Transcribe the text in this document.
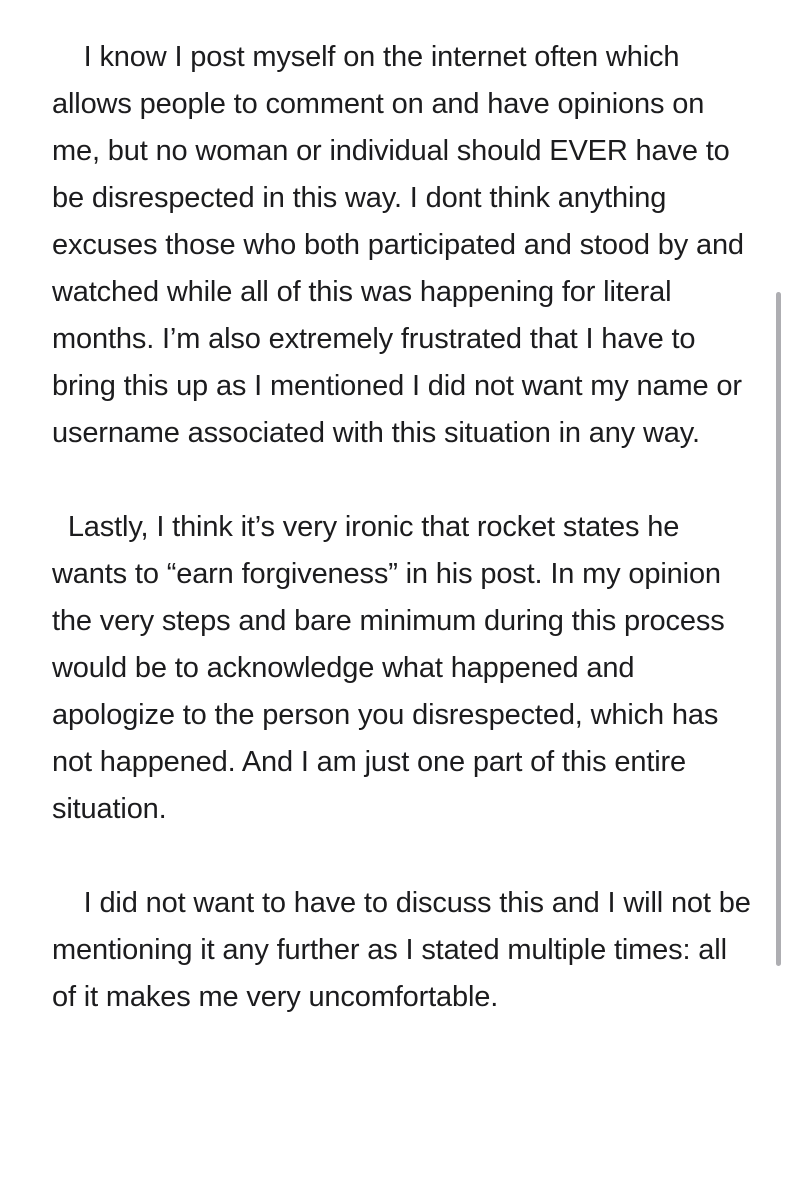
I know I post myself on the internet often which allows people to comment on and have opinions on me, but no woman or individual should EVER have to be disrespected in this way. I dont think anything excuses those who both participated and stood by and watched while all of this was happening for literal months. I’m also extremely frustrated that I have to bring this up as I mentioned I did not want my name or username associated with this situation in any way.

Lastly, I think it’s very ironic that rocket states he wants to “earn forgiveness” in his post. In my opinion the very steps and bare minimum during this process would be to acknowledge what happened and apologize to the person you disrespected, which has not happened. And I am just one part of this entire situation.

I did not want to have to discuss this and I will not be mentioning it any further as I stated multiple times: all of it makes me very uncomfortable.
